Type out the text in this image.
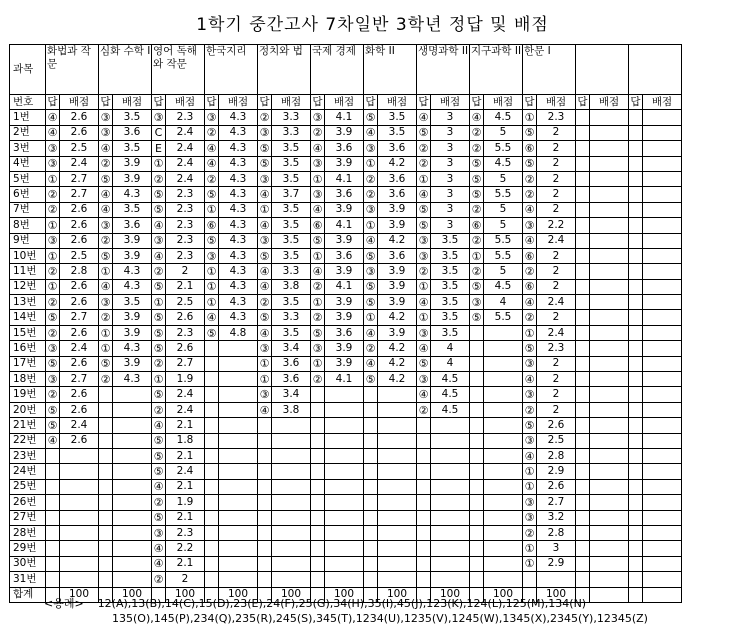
1학기 중간고사 7차일반 3학년 정답 및 배점
과목	화법과 작문		심화 수학 I		영어 독해와 작문		한국지리		정치와 법		국제 경제		화학 II		생명과학 II		지구과학 II		한문 I					
번호	답	배점	답	배점	답	배점	답	배점	답	배점	답	배점	답	배점	답	배점	답	배점	답	배점	답	배점	답	배점
1번	④	2.6	③	3.5	③	2.3	③	4.3	②	3.3	③	4.1	⑤	3.5	④	3	④	4.5	①	2.3				
2번	④	2.6	③	3.6	C	2.4	②	4.3	③	3.3	②	3.9	④	3.5	⑤	3	②	5	⑤	2				
3번	③	2.5	④	3.5	E	2.4	④	4.3	⑤	3.5	④	3.6	③	3.6	②	3	②	5.5	⑥	2				
4번	③	2.4	②	3.9	①	2.4	④	4.3	⑤	3.5	③	3.9	①	4.2	②	3	⑤	4.5	⑤	2				
5번	①	2.7	⑤	3.9	②	2.4	②	4.3	③	3.5	①	4.1	②	3.6	①	3	⑤	5	②	2				
6번	②	2.7	④	4.3	⑤	2.3	⑤	4.3	④	3.7	③	3.6	②	3.6	④	3	⑤	5.5	②	2				
7번	②	2.6	④	3.5	⑤	2.3	①	4.3	①	3.5	④	3.9	③	3.9	⑤	3	②	5	④	2				
8번	①	2.6	③	3.6	④	2.3	⑥	4.3	④	3.5	⑥	4.1	①	3.9	⑤	3	⑥	5	③	2.2				
9번	③	2.6	②	3.9	③	2.3	⑤	4.3	③	3.5	⑤	3.9	④	4.2	③	3.5	②	5.5	④	2.4				
10번	①	2.5	⑤	3.9	④	2.3	③	4.3	⑤	3.5	①	3.6	⑤	3.6	③	3.5	①	5.5	⑥	2				
11번	②	2.8	①	4.3	②	2	①	4.3	④	3.3	④	3.9	③	3.9	②	3.5	②	5	②	2				
12번	①	2.6	④	4.3	⑤	2.1	①	4.3	④	3.8	②	4.1	⑤	3.9	①	3.5	⑤	4.5	⑥	2				
13번	②	2.6	③	3.5	①	2.5	①	4.3	②	3.5	①	3.9	⑤	3.9	④	3.5	③	4	④	2.4				
14번	⑤	2.7	②	3.9	⑤	2.6	④	4.3	⑤	3.3	②	3.9	①	4.2	①	3.5	⑤	5.5	②	2				
15번	②	2.6	①	3.9	⑤	2.3	⑤	4.8	④	3.5	⑤	3.6	④	3.9	③	3.5			①	2.4				
16번	③	2.4	①	4.3	⑤	2.6			③	3.4	③	3.9	②	4.2	④	4			⑤	2.3				
17번	⑤	2.6	⑤	3.9	②	2.7			①	3.6	①	3.9	④	4.2	⑤	4			③	2				
18번	③	2.7	②	4.3	①	1.9			①	3.6	②	4.1	⑤	4.2	③	4.5			④	2				
19번	②	2.6			⑤	2.4			③	3.4					④	4.5			③	2				
20번	⑤	2.6			②	2.4			④	3.8					②	4.5			②	2				
21번	⑤	2.4			④	2.1													⑤	2.6				
22번	④	2.6			⑤	1.8													③	2.5				
23번					⑤	2.1													④	2.8				
24번					⑤	2.4													①	2.9				
25번					④	2.1													①	2.6				
26번					②	1.9													③	2.7				
27번					⑤	2.1													③	3.2				
28번					③	2.3													②	2.8				
29번					④	2.2													①	3				
30번					④	2.1													①	2.9				
31번					②	2																		
합계		100		100		100		100		100		100		100		100		100		100				
<용례> 12(A),13(B),14(C),15(D),23(E),24(F),25(G),34(H),35(I),45(J),123(K),124(L),125(M),134(N)
135(O),145(P),234(Q),235(R),245(S),345(T),1234(U),1235(V),1245(W),1345(X),2345(Y),12345(Z)
